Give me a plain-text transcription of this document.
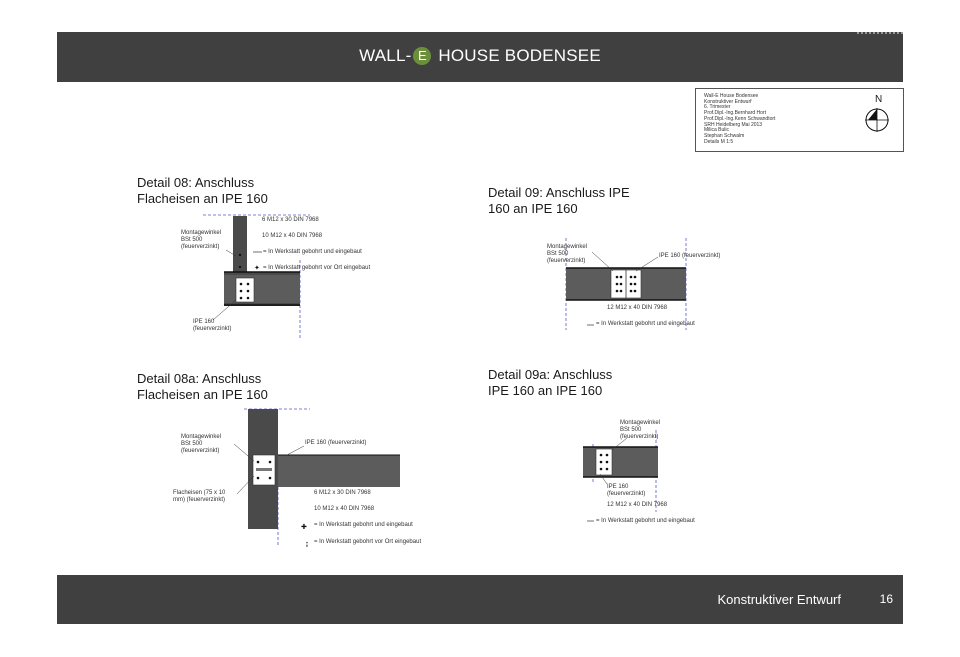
WALL- E HOUSE BODENSEE
Wall-E House Bodensee
Konstruktiver Entwurf
6. Trimester
Prof.Dipl.-Ing.Bernhard Hort
Prof.Dipl.-Ing.Kenn Schwandtort
SRH Heidelberg Mai 2013
Milica Bulic
Stephan Schwalm
Details M 1:5
N
✦
✚
↨
Detail 08: Anschluss
Flacheisen an IPE 160
Montagewinkel
BSt 500
(feuerverzinkt)
6 M12 x 30 DIN 7968
10 M12 x 40 DIN 7968
= In Werkstatt gebohrt und eingebaut
= In Werkstatt gebohrt vor Ort eingebaut
IPE 160
(feuerverzinkt)
Detail 09: Anschluss IPE
160 an IPE 160
Montagewinkel
BSt 500
(feuerverzinkt)
IPE 160 (feuerverzinkt)
12 M12 x 40 DIN 7968
= In Werkstatt gebohrt und eingebaut
Detail 08a: Anschluss
Flacheisen an IPE 160
Montagewinkel
BSt 500
(feuerverzinkt)
IPE 160 (feuerverzinkt)
Flacheisen (75 x 10
mm) (feuerverzinkt)
6 M12 x 30 DIN 7968
10 M12 x 40 DIN 7968
= In Werkstatt gebohrt und eingebaut
= In Werkstatt gebohrt vor Ort eingebaut
Detail 09a: Anschluss
IPE 160 an IPE 160
Montagewinkel
BSt 500
(feuerverzinkt)
IPE 160
(feuerverzinkt)
12 M12 x 40 DIN 7968
= In Werkstatt gebohrt und eingebaut
Konstruktiver Entwurf	16
